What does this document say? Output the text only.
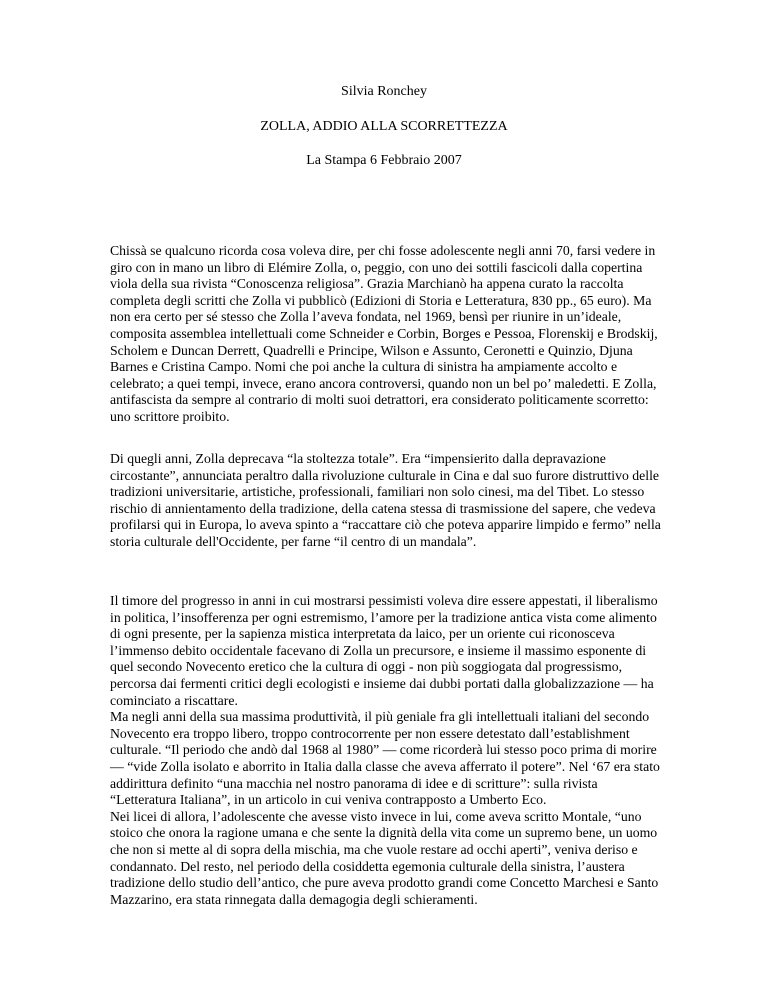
Silvia Ronchey
ZOLLA, ADDIO ALLA SCORRETTEZZA
La Stampa 6 Febbraio 2007
Chissà se qualcuno ricorda cosa voleva dire, per chi fosse adolescente negli anni 70, farsi vedere in
giro con in mano un libro di Elémire Zolla, o, peggio, con uno dei sottili fascicoli dalla copertina
viola della sua rivista “Conoscenza religiosa”. Grazia Marchianò ha appena curato la raccolta
completa degli scritti che Zolla vi pubblicò (Edizioni di Storia e Letteratura, 830 pp., 65 euro). Ma
non era certo per sé stesso che Zolla l’aveva fondata, nel 1969, bensì per riunire in un’ideale,
composita assemblea intellettuali come Schneider e Corbin, Borges e Pessoa, Florenskij e Brodskij,
Scholem e Duncan Derrett, Quadrelli e Principe, Wilson e Assunto, Ceronetti e Quinzio, Djuna
Barnes e Cristina Campo. Nomi che poi anche la cultura di sinistra ha ampiamente accolto e
celebrato; a quei tempi, invece, erano ancora controversi, quando non un bel po’ maledetti. E Zolla,
antifascista da sempre al contrario di molti suoi detrattori, era considerato politicamente scorretto:
uno scrittore proibito.
Di quegli anni, Zolla deprecava “la stoltezza totale”. Era “impensierito dalla depravazione
circostante”, annunciata peraltro dalla rivoluzione culturale in Cina e dal suo furore distruttivo delle
tradizioni universitarie, artistiche, professionali, familiari non solo cinesi, ma del Tibet. Lo stesso
rischio di annientamento della tradizione, della catena stessa di trasmissione del sapere, che vedeva
profilarsi qui in Europa, lo aveva spinto a “raccattare ciò che poteva apparire limpido e fermo” nella
storia culturale dell'Occidente, per farne “il centro di un mandala”.
Il timore del progresso in anni in cui mostrarsi pessimisti voleva dire essere appestati, il liberalismo
in politica, l’insofferenza per ogni estremismo, l’amore per la tradizione antica vista come alimento
di ogni presente, per la sapienza mistica interpretata da laico, per un oriente cui riconosceva
l’immenso debito occidentale facevano di Zolla un precursore, e insieme il massimo esponente di
quel secondo Novecento eretico che la cultura di oggi - non più soggiogata dal progressismo,
percorsa dai fermenti critici degli ecologisti e insieme dai dubbi portati dalla globalizzazione — ha
cominciato a riscattare.
Ma negli anni della sua massima produttività, il più geniale fra gli intellettuali italiani del secondo
Novecento era troppo libero, troppo controcorrente per non essere detestato dall’establishment
culturale. “Il periodo che andò dal 1968 al 1980” — come ricorderà lui stesso poco prima di morire
— “vide Zolla isolato e aborrito in Italia dalla classe che aveva afferrato il potere”. Nel ‘67 era stato
addirittura definito “una macchia nel nostro panorama di idee e di scritture”: sulla rivista
“Letteratura Italiana”, in un articolo in cui veniva contrapposto a Umberto Eco.
Nei licei di allora, l’adolescente che avesse visto invece in lui, come aveva scritto Montale, “uno
stoico che onora la ragione umana e che sente la dignità della vita come un supremo bene, un uomo
che non si mette al di sopra della mischia, ma che vuole restare ad occhi aperti”, veniva deriso e
condannato. Del resto, nel periodo della cosiddetta egemonia culturale della sinistra, l’austera
tradizione dello studio dell’antico, che pure aveva prodotto grandi come Concetto Marchesi e Santo
Mazzarino, era stata rinnegata dalla demagogia degli schieramenti.
